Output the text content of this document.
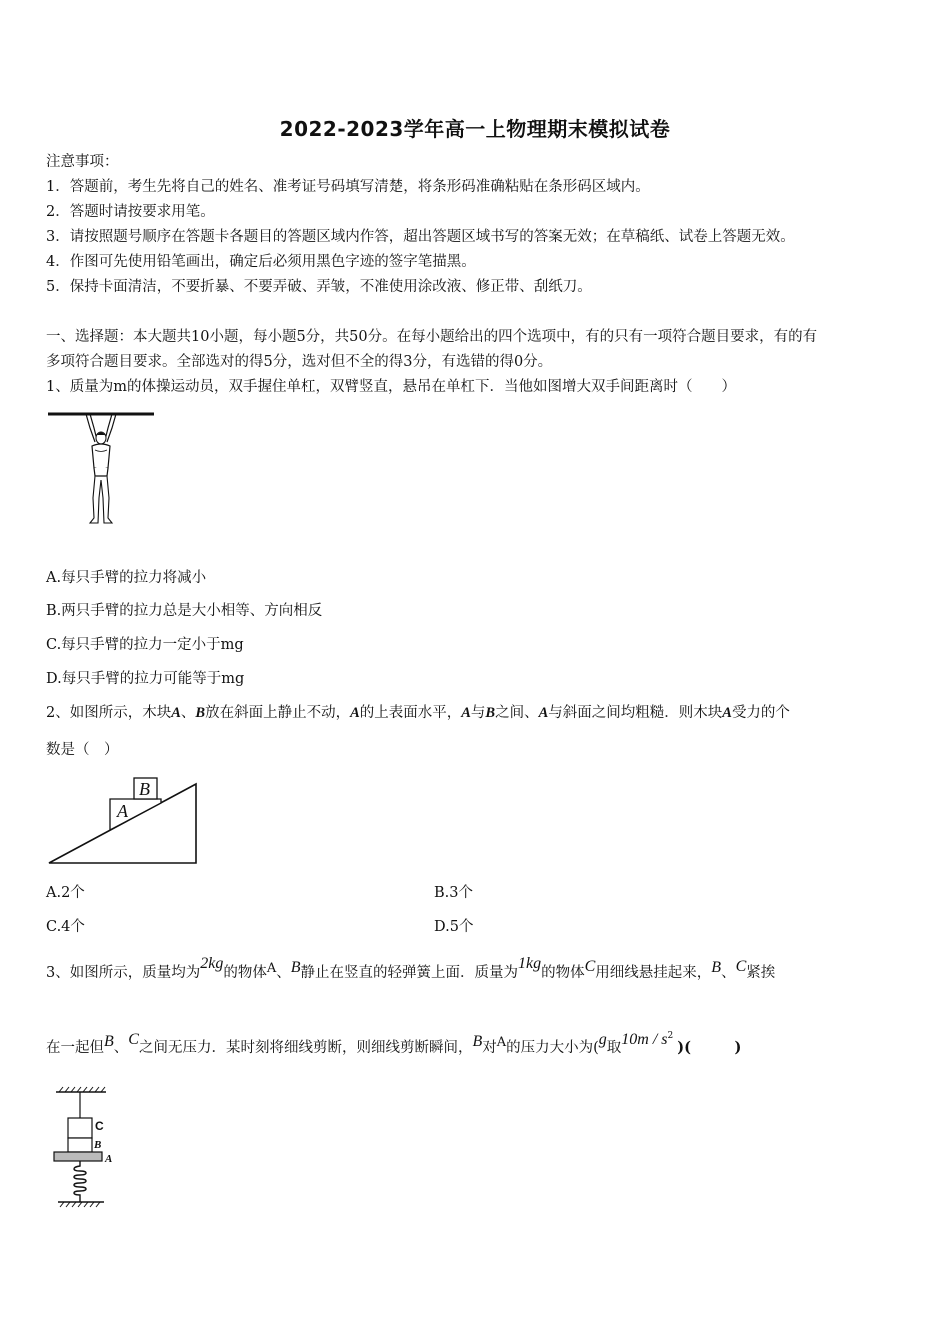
2022-2023学年高一上物理期末模拟试卷
注意事项：
1．答题前，考生先将自己的姓名、准考证号码填写清楚，将条形码准确粘贴在条形码区域内。
2．答题时请按要求用笔。
3．请按照题号顺序在答题卡各题目的答题区域内作答，超出答题区域书写的答案无效；在草稿纸、试卷上答题无效。
4．作图可先使用铅笔画出，确定后必须用黑色字迹的签字笔描黑。
5．保持卡面清洁，不要折暴、不要弄破、弄皱，不准使用涂改液、修正带、刮纸刀。
一、选择题：本大题共10小题，每小题5分，共50分。在每小题给出的四个选项中，有的只有一项符合题目要求，有的有
多项符合题目要求。全部选对的得5分，选对但不全的得3分，有选错的得0分。
1、质量为m的体操运动员，双手握住单杠，双臂竖直，悬吊在单杠下．当他如图增大双手间距离时（　　）
A.每只手臂的拉力将减小
B.两只手臂的拉力总是大小相等、方向相反
C.每只手臂的拉力一定小于mg
D.每只手臂的拉力可能等于mg
2、如图所示，木块A、B放在斜面上静止不动，A的上表面水平，A与B之间、A与斜面之间均粗糙．则木块A受力的个
数是（　）
A
B
A.2个	B.3个
C.4个	D.5个
3、如图所示，质量均为2kg的物体A、B静止在竖直的轻弹簧上面．质量为1kg的物体C用细线悬挂起来，B、C紧挨
在一起但B、C之间无压力．某时刻将细线剪断，则细线剪断瞬间，B对A的压力大小为(g取$10m / s^2$)(　　　)
C
B
A
